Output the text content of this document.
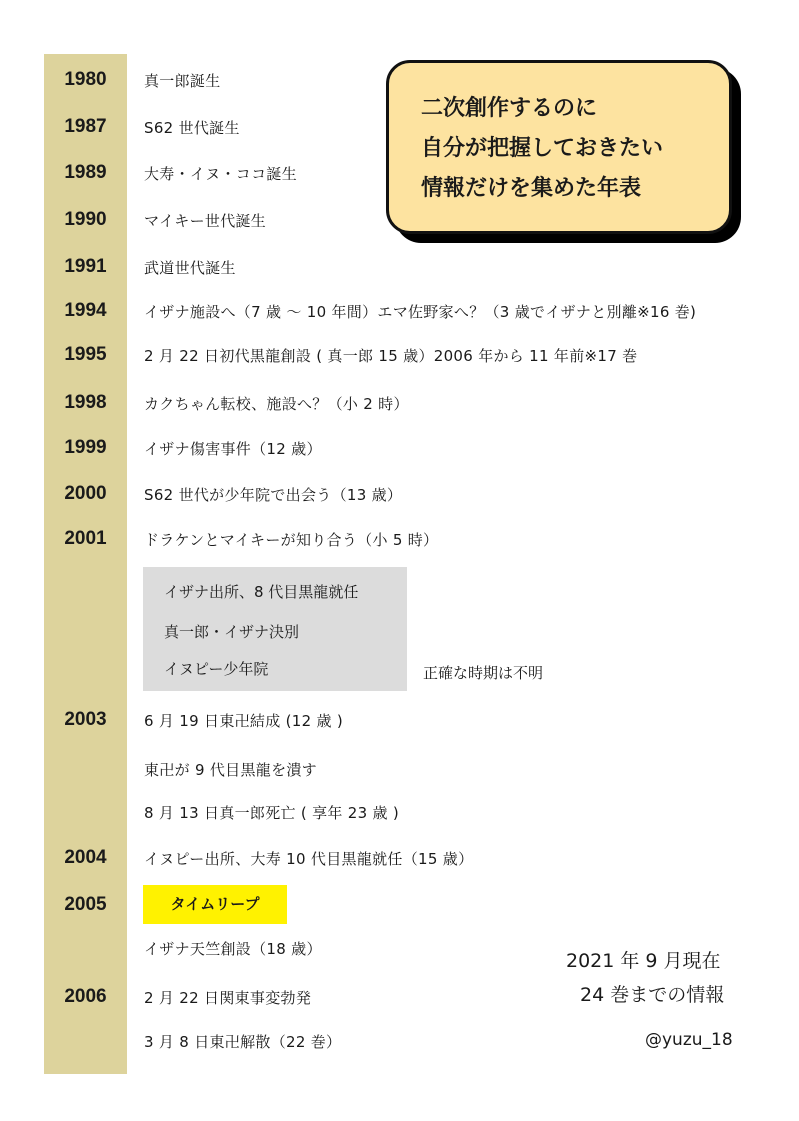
1980
1987
1989
1990
1991
1994
1995
1998
1999
2000
2001
2003
2004
2005
2006
真一郎誕生
S62 世代誕生
大寿・イヌ・ココ誕生
マイキー世代誕生
武道世代誕生
イザナ施設へ（7 歳 ～ 10 年間）エマ佐野家へ？（3 歳でイザナと別離※16 巻)
2 月 22 日初代黒龍創設 ( 真一郎 15 歳）2006 年から 11 年前※17 巻
カクちゃん転校、施設へ？（小 2 時）
イザナ傷害事件（12 歳）
S62 世代が少年院で出会う（13 歳）
ドラケンとマイキーが知り合う（小 5 時）
イザナ出所、8 代目黒龍就任
真一郎・イザナ決別
イヌピー少年院	正確な時期は不明
6 月 19 日東卍結成 (12 歳 )
東卍が 9 代目黒龍を潰す
8 月 13 日真一郎死亡 ( 享年 23 歳 )
イヌピー出所、大寿 10 代目黒龍就任（15 歳）
タイムリープ
イザナ天竺創設（18 歳）
2 月 22 日関東事変勃発
3 月 8 日東卍解散（22 巻）
二次創作するのに
自分が把握しておきたい
情報だけを集めた年表
2021 年 9 月現在
24 巻までの情報
@yuzu_18
